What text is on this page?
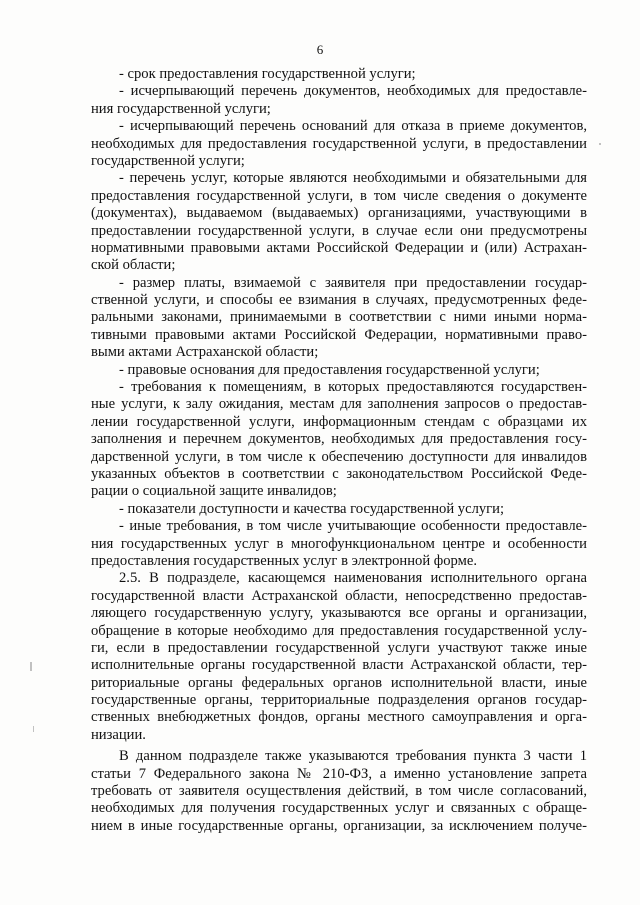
6
- срок предоставления государственной услуги;
- исчерпывающий перечень документов, необходимых для предоставле-
ния государственной услуги;
- исчерпывающий перечень оснований для отказа в приеме документов,
необходимых для предоставления государственной услуги, в предоставлении
государственной услуги;
- перечень услуг, которые являются необходимыми и обязательными для
предоставления государственной услуги, в том числе сведения о документе
(документах), выдаваемом (выдаваемых) организациями, участвующими в
предоставлении государственной услуги, в случае если они предусмотрены
нормативными правовыми актами Российской Федерации и (или) Астрахан-
ской области;
- размер платы, взимаемой с заявителя при предоставлении государ-
ственной услуги, и способы ее взимания в случаях, предусмотренных феде-
ральными законами, принимаемыми в соответствии с ними иными норма-
тивными правовыми актами Российской Федерации, нормативными право-
выми актами Астраханской области;
- правовые основания для предоставления государственной услуги;
- требования к помещениям, в которых предоставляются государствен-
ные услуги, к залу ожидания, местам для заполнения запросов о предостав-
лении государственной услуги, информационным стендам с образцами их
заполнения и перечнем документов, необходимых для предоставления госу-
дарственной услуги, в том числе к обеспечению доступности для инвалидов
указанных объектов в соответствии с законодательством Российской Феде-
рации о социальной защите инвалидов;
- показатели доступности и качества государственной услуги;
- иные требования, в том числе учитывающие особенности предоставле-
ния государственных услуг в многофункциональном центре и особенности
предоставления государственных услуг в электронной форме.
2.5. В подразделе, касающемся наименования исполнительного органа
государственной власти Астраханской области, непосредственно предостав-
ляющего государственную услугу, указываются все органы и организации,
обращение в которые необходимо для предоставления государственной услу-
ги, если в предоставлении государственной услуги участвуют также иные
исполнительные органы государственной власти Астраханской области, тер-
риториальные органы федеральных органов исполнительной власти, иные
государственные органы, территориальные подразделения органов государ-
ственных внебюджетных фондов, органы местного самоуправления и орга-
низации.
В данном подразделе также указываются требования пункта 3 части 1
статьи 7 Федерального закона № 210-ФЗ, а именно установление запрета
требовать от заявителя осуществления действий, в том числе согласований,
необходимых для получения государственных услуг и связанных с обраще-
нием в иные государственные органы, организации, за исключением получе-
